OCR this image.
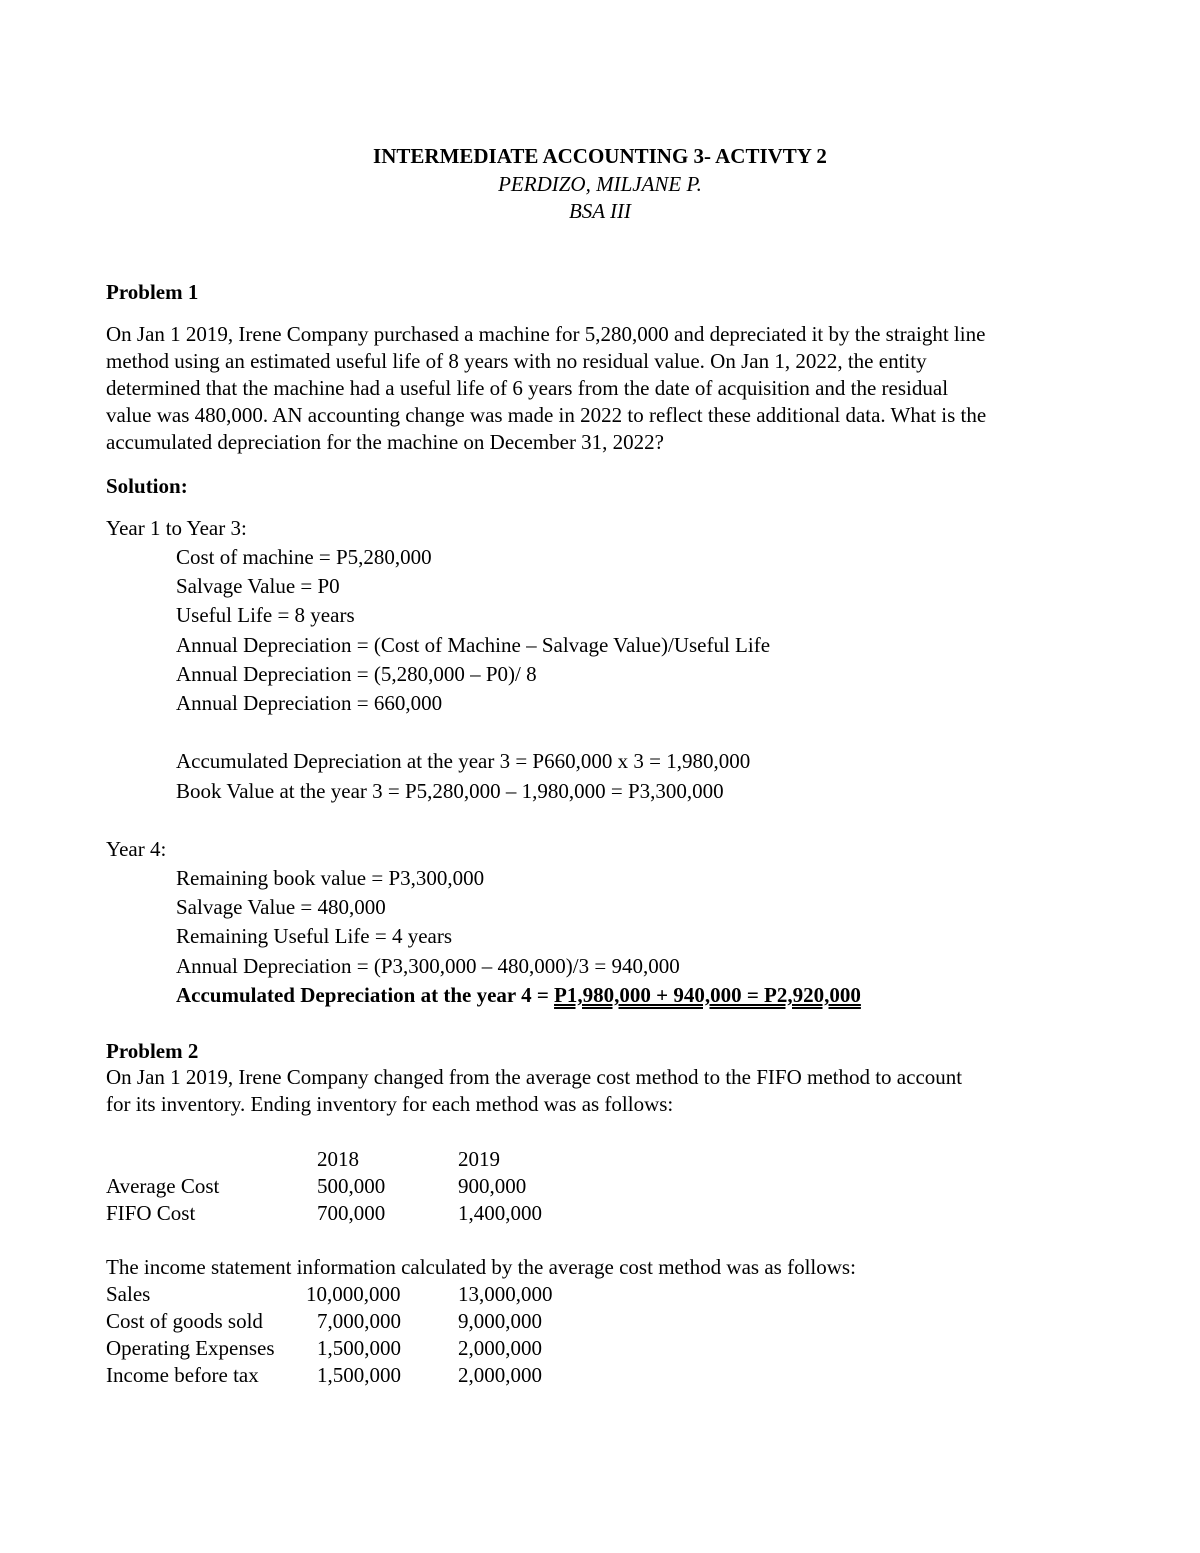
INTERMEDIATE ACCOUNTING 3- ACTIVTY 2
PERDIZO, MILJANE P.
BSA III
Problem 1

On Jan 1 2019, Irene Company purchased a machine for 5,280,000 and depreciated it by the straight line

method using an estimated useful life of 8 years with no residual value. On Jan 1, 2022, the entity

determined that the machine had a useful life of 6 years from the date of acquisition and the residual

value was 480,000. AN accounting change was made in 2022 to reflect these additional data. What is the

accumulated depreciation for the machine on December 31, 2022?

Solution:
Year 1 to Year 3:
Cost of machine = P5,280,000
Salvage Value = P0
Useful Life = 8 years
Annual Depreciation = (Cost of Machine – Salvage Value)/Useful Life
Annual Depreciation = (5,280,000 – P0)/ 8
Annual Depreciation = 660,000
Accumulated Depreciation at the year 3 = P660,000 x 3 = 1,980,000
Book Value at the year 3 = P5,280,000 – 1,980,000 = P3,300,000
Year 4:
Remaining book value = P3,300,000
Salvage Value = 480,000
Remaining Useful Life = 4 years
Annual Depreciation = (P3,300,000 – 480,000)/3 = 940,000
Accumulated Depreciation at the year 4 = P1,980,000 + 940,000 = P2,920,000
Problem 2

On Jan 1 2019, Irene Company changed from the average cost method to the FIFO method to account

for its inventory. Ending inventory for each method was as follows:

2018	2019
Average Cost	500,000	900,000
FIFO Cost	700,000	1,400,000
The income statement information calculated by the average cost method was as follows:
Sales	10,000,000	13,000,000
Cost of goods sold	7,000,000	9,000,000
Operating Expenses 1,500,000	2,000,000
Income before tax	1,500,000	2,000,000
